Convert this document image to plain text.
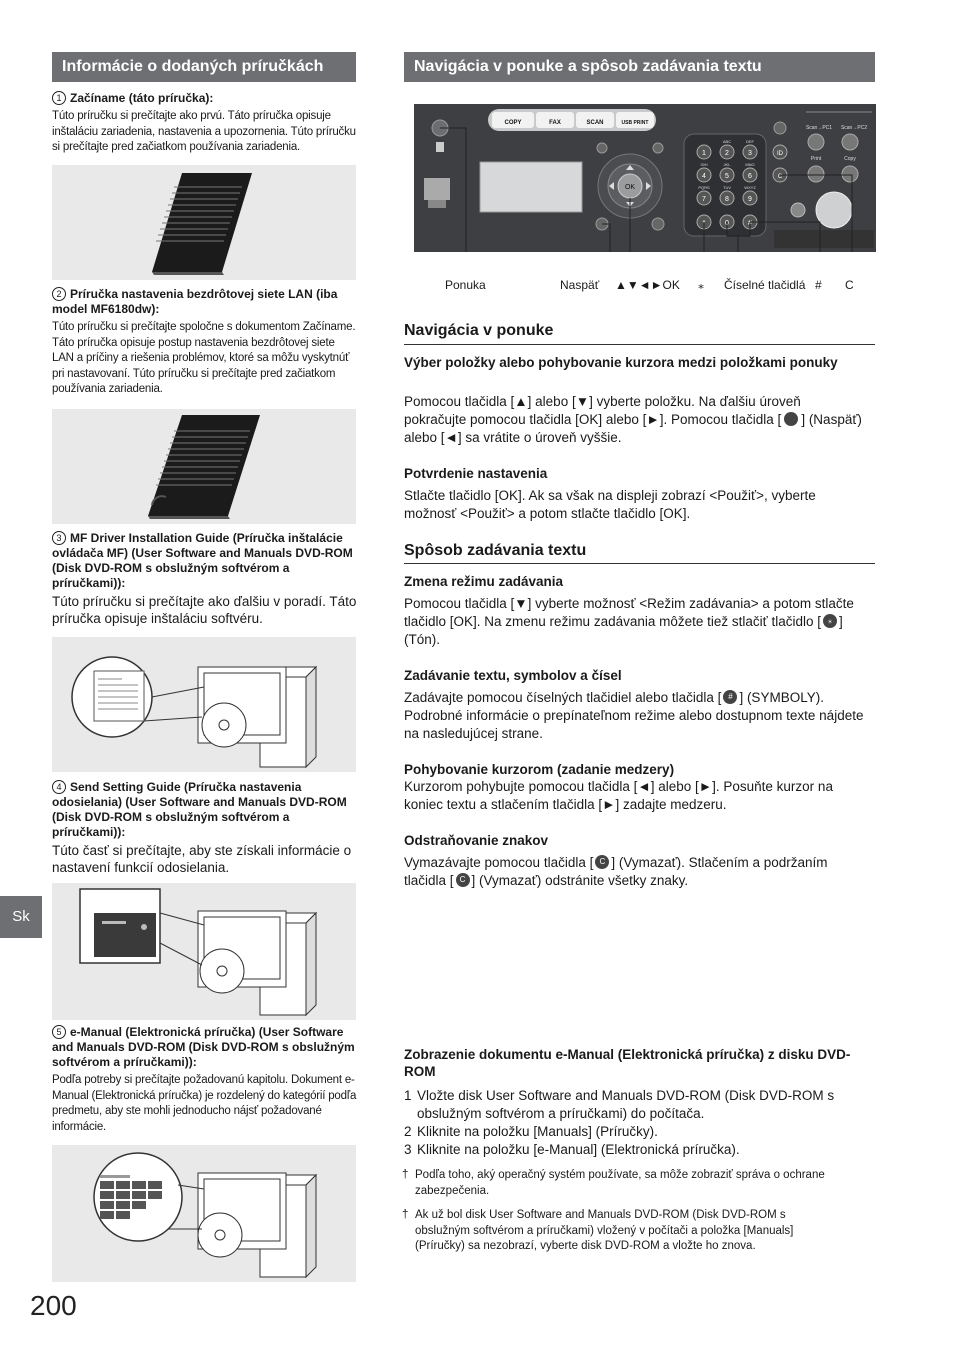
Informácie o dodaných príručkách
1 Začíname (táto príručka):
Túto príručku si prečítajte ako prvú. Táto príručka opisuje inštaláciu zariadenia, nastavenia a upozornenia. Túto príručku si prečítajte pred začiatkom používania zariadenia.
2 Príručka nastavenia bezdrôtovej siete LAN (iba model MF6180dw):
Túto príručku si prečítajte spoločne s dokumentom Začíname. Táto príručka opisuje postup nastavenia bezdrôtovej siete LAN a príčiny a riešenia problémov, ktoré sa môžu vyskytnúť pri nastavovaní. Túto príručku si prečítajte pred začiatkom používania zariadenia.
3 MF Driver Installation Guide (Príručka inštalácie ovládača MF) (User Software and Manuals DVD-ROM (Disk DVD-ROM s obslužným softvérom a príručkami)):
Túto príručku si prečítajte ako ďalšiu v poradí. Táto príručka opisuje inštaláciu softvéru.
4 Send Setting Guide (Príručka nastavenia odosielania) (User Software and Manuals DVD-ROM (Disk DVD-ROM s obslužným softvérom a príručkami)):
Túto časť si prečítajte, aby ste získali informácie o nastavení funkcií odosielania.
5 e-Manual (Elektronická príručka) (User Software and Manuals DVD-ROM (Disk DVD-ROM s obslužným softvérom a príručkami)):
Podľa potreby si prečítajte požadovanú kapitolu. Dokument e-Manual (Elektronická príručka) je rozdelený do kategórií podľa predmetu, aby ste mohli jednoducho nájsť požadované informácie.
Sk
200
Navigácia v ponuke a spôsob zadávania textu
COPY	FAX	SCAN	USB PRINT
OK
1	2	3
4	5	6
7	8	9
*	0	#
ABC	DEF
GHI	JKL	MNO
PQRS	TUV	WXYZ
ID
C
Scan→PC1 Scan→PC2
Print	Copy
Ponuka	Naspäť ▲▼◄►OK ⁎ Číselné tlačidlá # C
Navigácia v ponuke
Výber položky alebo pohybovanie kurzora medzi položkami ponuky
Pomocou tlačidla [▲] alebo [▼] vyberte položku. Na ďalšiu úroveň pokračujte pomocou tlačidla [OK] alebo [►]. Pomocou tlačidla [ ] (Naspäť) alebo [◄] sa vrátite o úroveň vyššie.
Potvrdenie nastavenia
Stlačte tlačidlo [OK]. Ak sa však na displeji zobrazí <Použiť>, vyberte možnosť <Použiť> a potom stlačte tlačidlo [OK].
Spôsob zadávania textu
Zmena režimu zadávania
Pomocou tlačidla [▼] vyberte možnosť <Režim zadávania> a potom stlačte tlačidlo [OK]. Na zmenu režimu zadávania môžete tiež stlačiť tlačidlo [ ⁎ ] (Tón).
Zadávanie textu, symbolov a čísel
Zadávajte pomocou číselných tlačidiel alebo tlačidla [ # ] (SYMBOLY). Podrobné informácie o prepínateľnom režime alebo dostupnom texte nájdete na nasledujúcej strane.
Pohybovanie kurzorom (zadanie medzery)
Kurzorom pohybujte pomocou tlačidla [◄] alebo [►]. Posuňte kurzor na koniec textu a stlačením tlačidla [►] zadajte medzeru.
Odstraňovanie znakov
Vymazávajte pomocou tlačidla [ C ] (Vymazať). Stlačením a podržaním tlačidla [ C ] (Vymazať) odstránite všetky znaky.
Zobrazenie dokumentu e-Manual (Elektronická príručka) z disku DVD-ROM
1 Vložte disk User Software and Manuals DVD-ROM (Disk DVD-ROM s obslužným softvérom a príručkami) do počítača.
2 Kliknite na položku [Manuals] (Príručky).
3 Kliknite na položku [e-Manual] (Elektronická príručka).
† Podľa toho, aký operačný systém používate, sa môže zobraziť správa o ochrane zabezpečenia.
† Ak už bol disk User Software and Manuals DVD-ROM (Disk DVD-ROM s obslužným softvérom a príručkami) vložený v počítači a položka [Manuals] (Príručky) sa nezobrazí, vyberte disk DVD-ROM a vložte ho znova.
